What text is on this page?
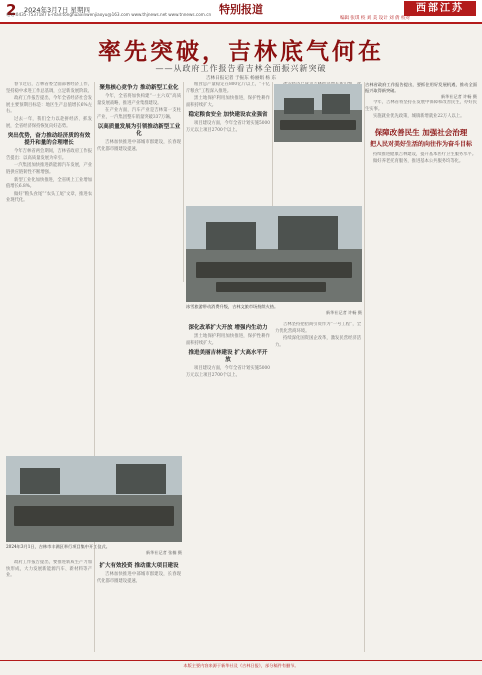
2 2024年3月7日 星期四
电话:0435-7537187 E-mail:tonghuaxinwenjiaoyu@163.com www.thjnews.net www.tnnews.com.cn 特别报道	西部江苏
编辑 张琪 校 刘 美 设计 刘 倩 校对
率先突破，吉林底气何在
——从政府工作报告看吉林全面振兴新突破
吉林日报记者 于振东 杨丽娟 杨 东

春节过后，吉林省委全面部署经济工作，坚持稳中求进工作总基调，立足新发展阶段。

政府工作报告提出，今年全省经济社会发展主要预期目标是：地区生产总值增长6%左右。

过去一年，我们全力以赴拼经济、抓发展，全省经济保持恢复向好态势。

突出优势，奋力推动经济质的有效提升和量的合理增长

今年吉林省两会期间，吉林省政府工作报告提出：以高质量发展为牵引。

一汽集团加快推进新能源汽车发展，产业链供应链韧性不断增强。

新型工业化加快推进，全省规上工业增加值增长6.8%。

做好“粮头食尾”“农头工尾”文章，推进农业现代化。

聚焦核心竞争力 推动新型工业化

今年，全省将加快构建“一主六双”高质量发展战略，推进产业集群建设。

在产业方面，汽车产业是吉林第一支柱产业，一汽集团整车销量突破337万辆。

以高质量发展为引领推动新型工业化

吉林加快推进中部城市群建设，长春现代化都市圈建设提速。

粮食总产量稳定在800亿斤以上，“千亿斤粮食”工程深入推进。

黑土地保护利用加快推进，保护性耕作面积持续扩大。

稳定粮食安全 加快建设农业强省

项目建设方面，今年全省计划实施5000万元以上项目2700个以上。

冰雪旅游带动消费升级，吉林文旅市场持续火热。
新华社记者 许畅 摄
深化改革扩大开放 增强内生动力

黑土地保护利用加快推进，保护性耕作面积持续扩大。

推进美丽吉林建设 扩大高水平开放

项目建设方面，今年全省计划实施5000万元以上项目2700个以上。

吉林坚持把招商引资作为“一号工程”，全力优化营商环境。

持续深化国资国企改革，激发民营经济活力。

2024年3月1日，吉林市丰满区举行项目集中开工仪式。
新华社记者 张楠 摄

政府工作报告提出，要推进新质生产力加快形成，大力发展新能源汽车、新材料等产业。

扩大有效投资 推动重大项目建设

吉林加快推进中部城市群建设，长春现代化都市圈建设提速。

吉林省政府工作报告提出，要抓住用好发展机遇，推动全面振兴取得新突破。
新华社记者 许畅 摄

今年，吉林省将坚持在发展中保障和改善民生，办好民生实事。

实施就业优先政策，城镇新增就业22万人以上。

保障改善民生 加强社会治理
把人民对美好生活的向往作为奋斗目标

持续推进健康吉林建设，提升基本医疗卫生服务水平。

做好养老托育服务，推进基本公共服务均等化。

本版主要内容来源于新华社及《吉林日报》，部分稿件有删节。
